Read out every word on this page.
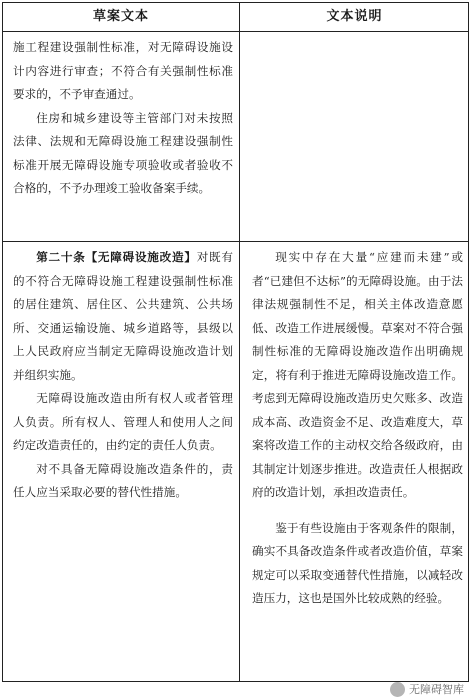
草案文本	文本说明

施工程建设强制性标准，对无障碍设施设计内容进行审查；不符合有关强制性标准要求的，不予审查通过。

住房和城乡建设等主管部门对未按照法律、法规和无障碍设施工程建设强制性标准开展无障碍设施专项验收或者验收不合格的，不予办理竣工验收备案手续。

第二十条【无障碍设施改造】对既有的不符合无障碍设施工程建设强制性标准的居住建筑、居住区、公共建筑、公共场所、交通运输设施、城乡道路等，县级以上人民政府应当制定无障碍设施改造计划并组织实施。

无障碍设施改造由所有权人或者管理人负责。所有权人、管理人和使用人之间约定改造责任的，由约定的责任人负责。

对不具备无障碍设施改造条件的，责任人应当采取必要的替代性措施。

现实中存在大量“应建而未建”或者“已建但不达标”的无障碍设施。由于法律法规强制性不足，相关主体改造意愿低、改造工作进展缓慢。草案对不符合强制性标准的无障碍设施改造作出明确规定，将有利于推进无障碍设施改造工作。考虑到无障碍设施改造历史欠账多、改造成本高、改造资金不足、改造难度大，草案将改造工作的主动权交给各级政府，由其制定计划逐步推进。改造责任人根据政府的改造计划，承担改造责任。

鉴于有些设施由于客观条件的限制，确实不具备改造条件或者改造价值，草案规定可以采取变通替代性措施，以减轻改造压力，这也是国外比较成熟的经验。

无障碍智库
